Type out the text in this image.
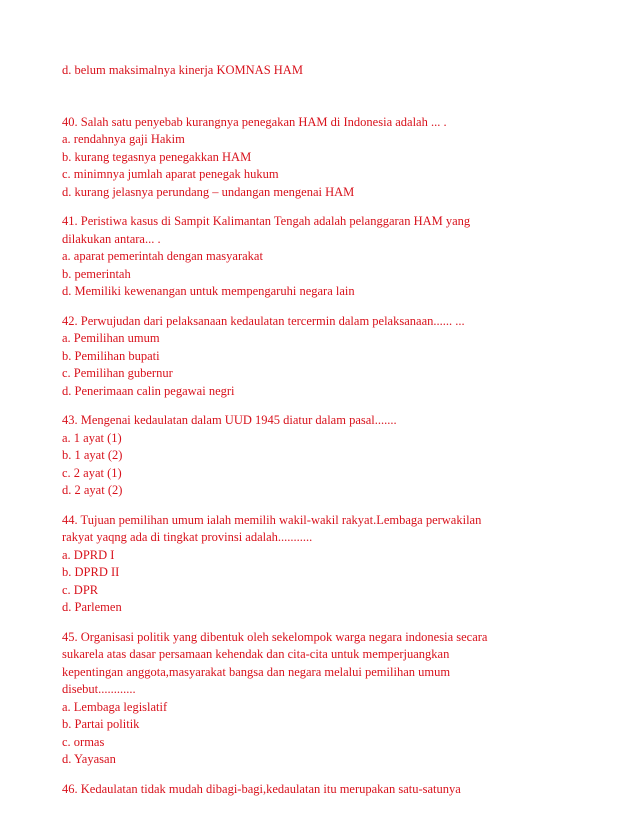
d. belum maksimalnya kinerja KOMNAS HAM
40. Salah satu penyebab kurangnya penegakan HAM di Indonesia adalah ... .
a. rendahnya gaji Hakim
b. kurang tegasnya penegakkan HAM
c. minimnya jumlah aparat penegak hukum
d. kurang jelasnya perundang – undangan mengenai HAM
41. Peristiwa kasus di Sampit Kalimantan Tengah adalah pelanggaran HAM yang
dilakukan antara... .
a. aparat pemerintah dengan masyarakat
b. pemerintah
d. Memiliki kewenangan untuk mempengaruhi negara lain
42. Perwujudan dari pelaksanaan kedaulatan tercermin dalam pelaksanaan...... ...
a. Pemilihan umum
b. Pemilihan bupati
c. Pemilihan gubernur
d. Penerimaan calin pegawai negri
43. Mengenai kedaulatan dalam UUD 1945 diatur dalam pasal.......
a. 1 ayat (1)
b. 1 ayat (2)
c. 2 ayat (1)
d. 2 ayat (2)
44. Tujuan pemilihan umum ialah memilih wakil-wakil rakyat.Lembaga perwakilan
rakyat yaqng ada di tingkat provinsi adalah...........
a. DPRD I
b. DPRD II
c. DPR
d. Parlemen
45. Organisasi politik yang dibentuk oleh sekelompok warga negara indonesia secara
sukarela atas dasar persamaan kehendak dan cita-cita untuk memperjuangkan
kepentingan anggota,masyarakat bangsa dan negara melalui pemilihan umum
disebut............
a. Lembaga legislatif
b. Partai politik
c. ormas
d. Yayasan
46. Kedaulatan tidak mudah dibagi-bagi,kedaulatan itu merupakan satu-satunya
